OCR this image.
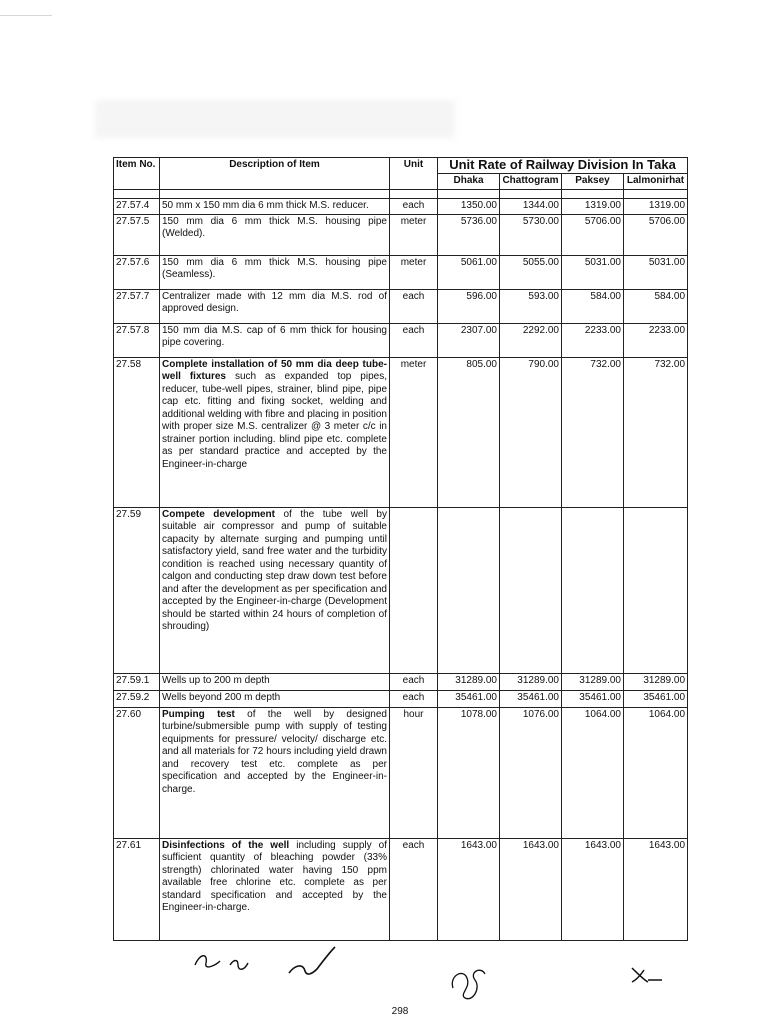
Item No.	Description of Item	Unit	Unit Rate of Railway Division In Taka			
			Dhaka	Chattogram	Paksey	Lalmonirhat

27.57.4	50 mm x 150 mm dia 6 mm thick M.S. reducer.	each	1350.00	1344.00	1319.00	1319.00
27.57.5	150 mm dia 6 mm thick M.S. housing pipe (Welded).	meter	5736.00	5730.00	5706.00	5706.00
27.57.6	150 mm dia 6 mm thick M.S. housing pipe (Seamless).	meter	5061.00	5055.00	5031.00	5031.00
27.57.7	Centralizer made with 12 mm dia M.S. rod of approved design.	each	596.00	593.00	584.00	584.00
27.57.8	150 mm dia M.S. cap of 6 mm thick for housing pipe covering.	each	2307.00	2292.00	2233.00	2233.00
27.58	Complete installation of 50 mm dia deep tube-well fixtures such as expanded top pipes, reducer, tube-well pipes, strainer, blind pipe, pipe cap etc. fitting and fixing socket, welding and additional welding with fibre and placing in position with proper size M.S. centralizer @ 3 meter c/c in strainer portion including. blind pipe etc. complete as per standard practice and accepted by the Engineer-in-charge	meter	805.00	790.00	732.00	732.00
27.59	Compete development of the tube well by suitable air compressor and pump of suitable capacity by alternate surging and pumping until satisfactory yield, sand free water and the turbidity condition is reached using necessary quantity of calgon and conducting step draw down test before and after the development as per specification and accepted by the Engineer-in-charge (Development should be started within 24 hours of completion of shrouding)					
27.59.1	Wells up to 200 m depth	each	31289.00	31289.00	31289.00	31289.00
27.59.2	Wells beyond 200 m depth	each	35461.00	35461.00	35461.00	35461.00
27.60	Pumping test of the well by designed turbine/submersible pump with supply of testing equipments for pressure/ velocity/ discharge etc. and all materials for 72 hours including yield drawn and recovery test etc. complete as per specification and accepted by the Engineer-in-charge.	hour	1078.00	1076.00	1064.00	1064.00
27.61	Disinfections of the well including supply of sufficient quantity of bleaching powder (33% strength) chlorinated water having 150 ppm available free chlorine etc. complete as per standard specification and accepted by the Engineer-in-charge.	each	1643.00	1643.00	1643.00	1643.00
298
